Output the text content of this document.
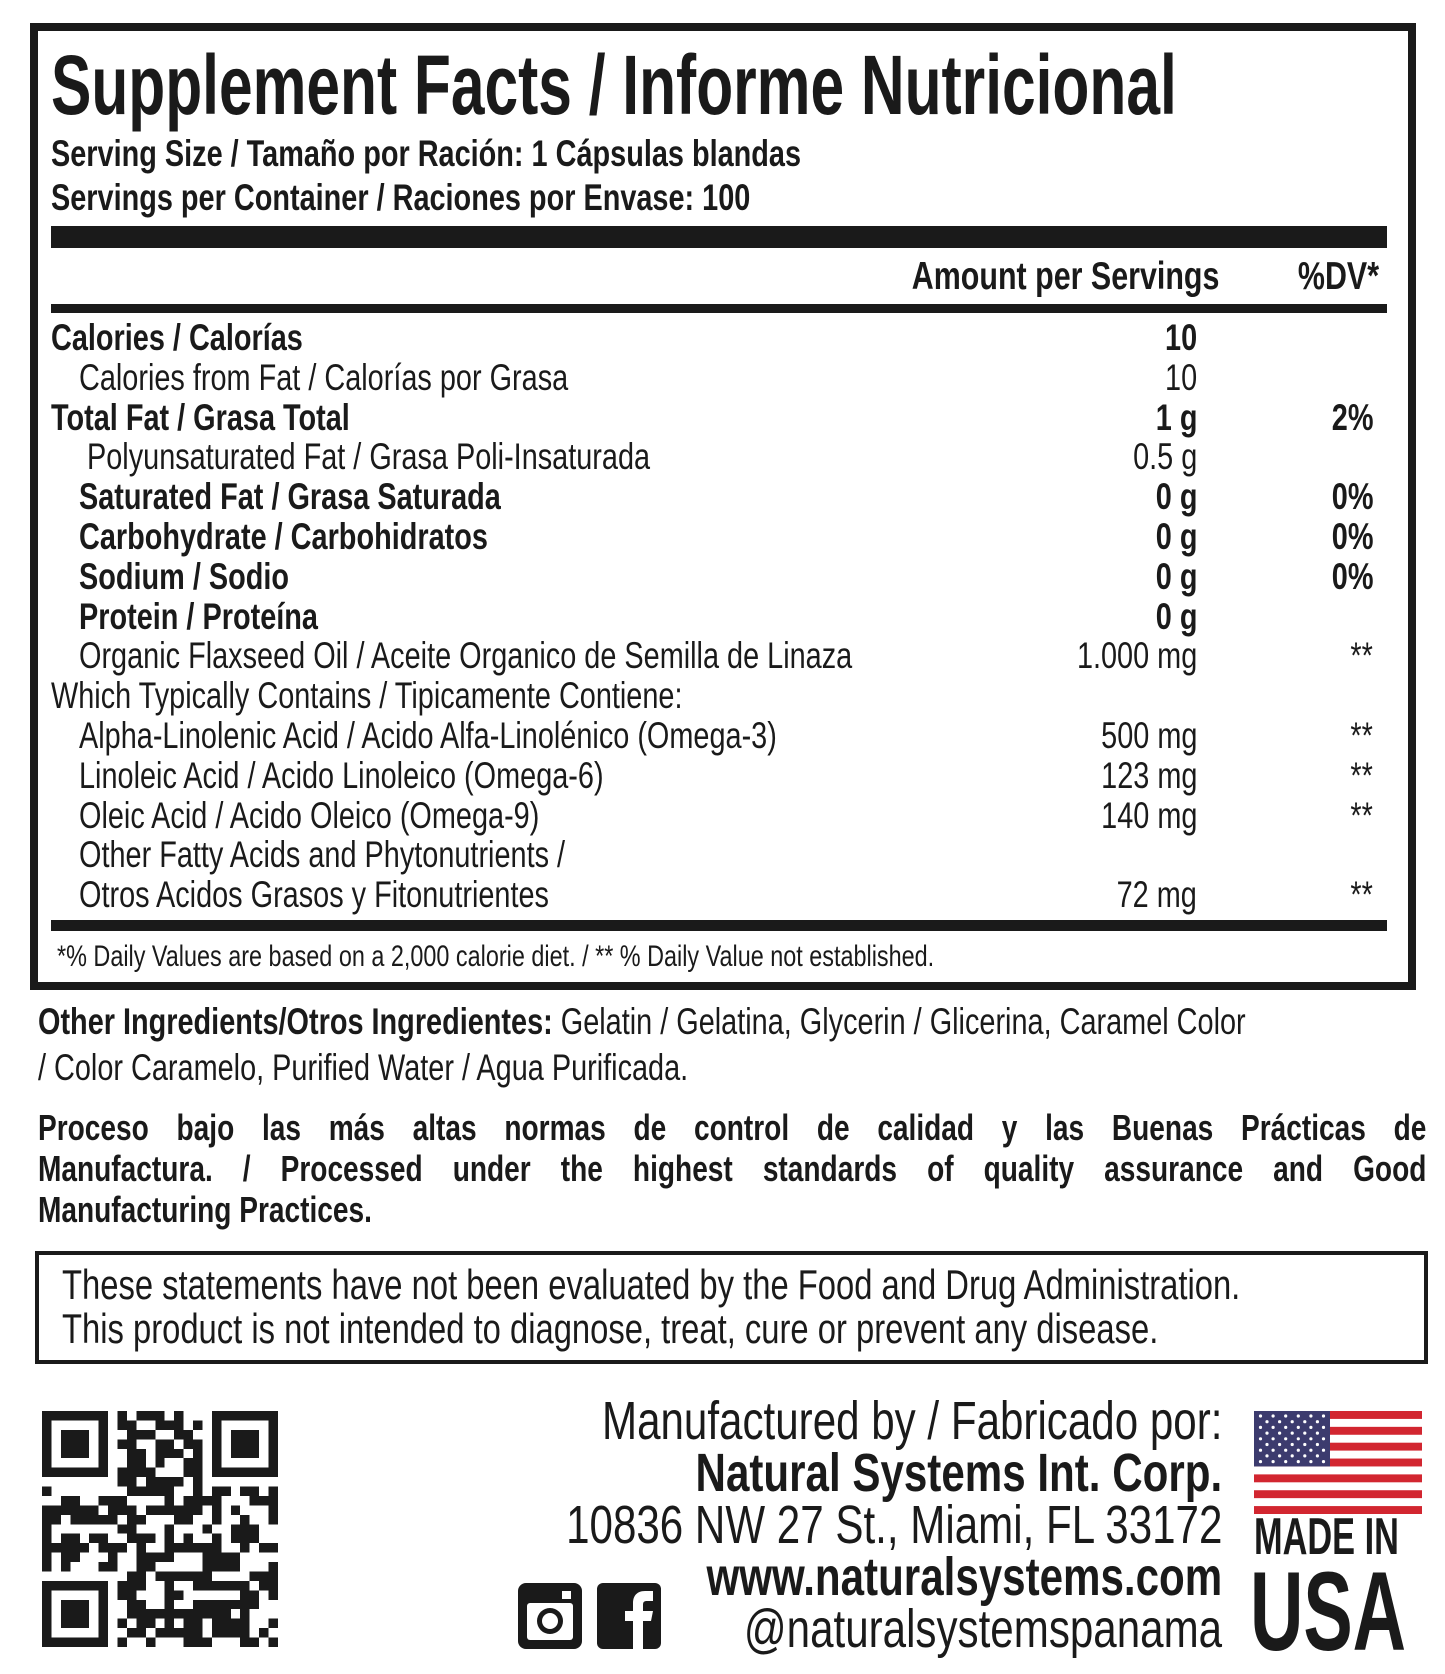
Supplement Facts / Informe Nutricional
Serving Size / Tamaño por Ración: 1 Cápsulas blandas
Servings per Container / Raciones por Envase: 100
Amount per Servings	%DV*
Calories / Calorías	10
Calories from Fat / Calorías por Grasa	10
Total Fat / Grasa Total	1 g	2%
Polyunsaturated Fat / Grasa Poli-Insaturada	0.5 g
Saturated Fat / Grasa Saturada	0 g	0%
Carbohydrate / Carbohidratos	0 g	0%
Sodium / Sodio	0 g	0%
Protein / Proteína	0 g
Organic Flaxseed Oil / Aceite Organico de Semilla de Linaza	1.000 mg	**
Which Typically Contains / Tipicamente Contiene:
Alpha-Linolenic Acid / Acido Alfa-Linolénico (Omega-3)	500 mg	**
Linoleic Acid / Acido Linoleico (Omega-6)	123 mg	**
Oleic Acid / Acido Oleico (Omega-9)	140 mg	**
Other Fatty Acids and Phytonutrients /
Otros Acidos Grasos y Fitonutrientes	72 mg	**
*% Daily Values are based on a 2,000 calorie diet. / ** % Daily Value not established.
Other Ingredients/Otros Ingredientes: Gelatin / Gelatina, Glycerin / Glicerina, Caramel Color
/ Color Caramelo, Purified Water / Agua Purificada.
Proceso bajo las más altas normas de control de calidad y las Buenas Prácticas de
Manufactura. / Processed under the highest standards of quality assurance and Good
Manufacturing Practices.
These statements have not been evaluated by the Food and Drug Administration.
This product is not intended to diagnose, treat, cure or prevent any disease.
Manufactured by / Fabricado por:
Natural Systems Int. Corp.
10836 NW 27 St., Miami, FL 33172
www.naturalsystems.com
@naturalsystemspanama
MADE IN
USA
